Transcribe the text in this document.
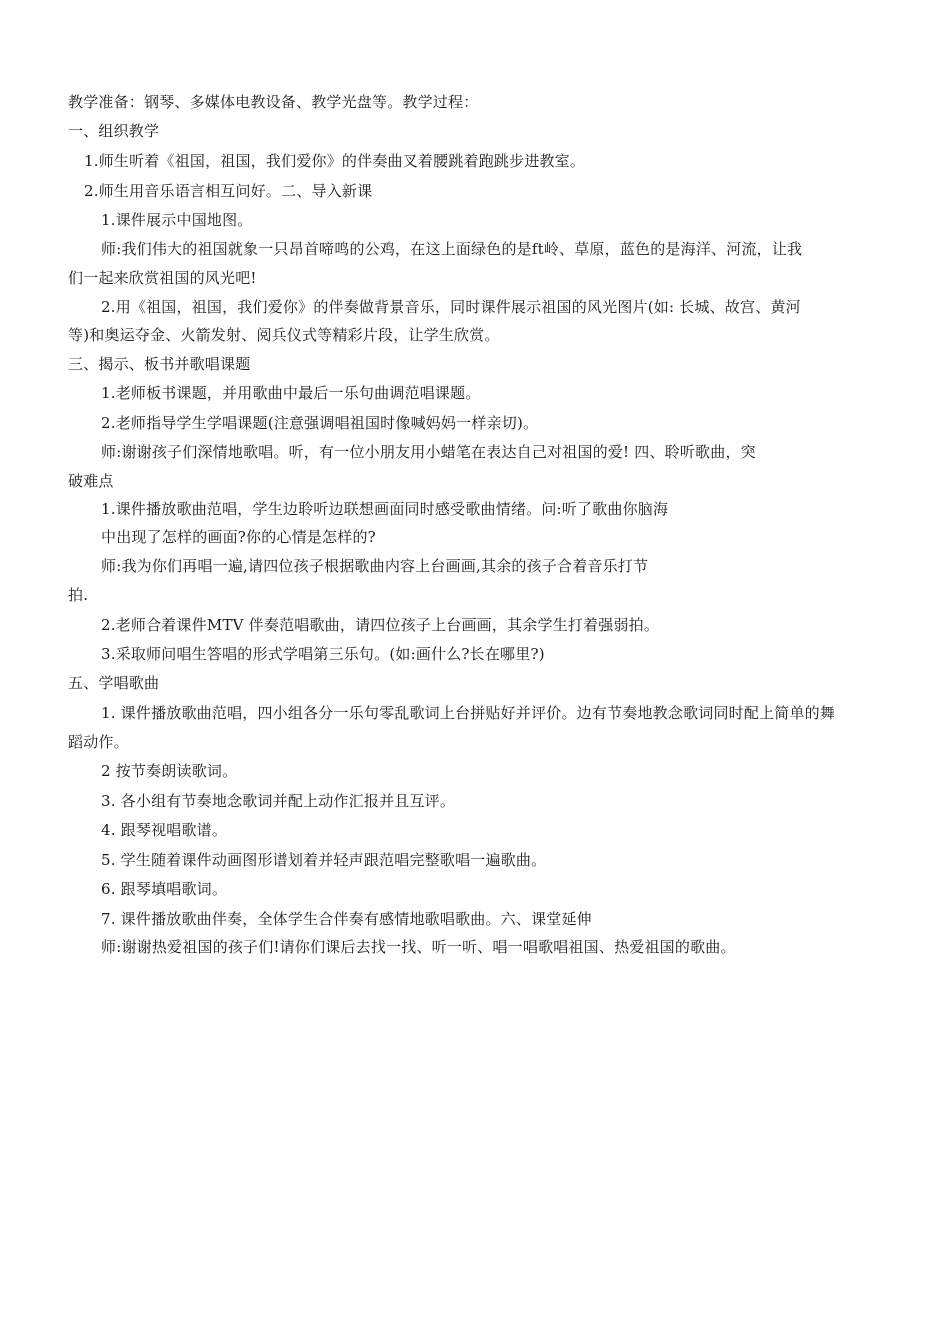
教学准备：钢琴、多媒体电教设备、教学光盘等。教学过程：
一、组织教学
1.师生听着《祖国，祖国，我们爱你》的伴奏曲叉着腰跳着跑跳步进教室。
2.师生用音乐语言相互问好。二、导入新课
1.课件展示中国地图。
师:我们伟大的祖国就象一只昂首啼鸣的公鸡，在这上面绿色的是ft岭、草原，蓝色的是海洋、河流，让我
们一起来欣赏祖国的风光吧!
2.用《祖国，祖国，我们爱你》的伴奏做背景音乐，同时课件展示祖国的风光图片(如: 长城、故宫、黄河
等)和奥运夺金、火箭发射、阅兵仪式等精彩片段，让学生欣赏。
三、揭示、板书并歌唱课题
1.老师板书课题，并用歌曲中最后一乐句曲调范唱课题。
2.老师指导学生学唱课题(注意强调唱祖国时像喊妈妈一样亲切)。
师:谢谢孩子们深情地歌唱。听，有一位小朋友用小蜡笔在表达自己对祖国的爱! 四、聆听歌曲，突
破难点
1.课件播放歌曲范唱，学生边聆听边联想画面同时感受歌曲情绪。问:听了歌曲你脑海
中出现了怎样的画面?你的心情是怎样的?
师:我为你们再唱一遍,请四位孩子根据歌曲内容上台画画,其余的孩子合着音乐打节
拍.
2.老师合着课件MTV 伴奏范唱歌曲，请四位孩子上台画画，其余学生打着强弱拍。
3.采取师问唱生答唱的形式学唱第三乐句。(如:画什么?长在哪里?)
五、学唱歌曲
1. 课件播放歌曲范唱，四小组各分一乐句零乱歌词上台拼贴好并评价。边有节奏地教念歌词同时配上简单的舞
蹈动作。
2 按节奏朗读歌词。
3. 各小组有节奏地念歌词并配上动作汇报并且互评。
4. 跟琴视唱歌谱。
5. 学生随着课件动画图形谱划着并轻声跟范唱完整歌唱一遍歌曲。
6. 跟琴填唱歌词。
7. 课件播放歌曲伴奏，全体学生合伴奏有感情地歌唱歌曲。六、课堂延伸
师:谢谢热爱祖国的孩子们!请你们课后去找一找、听一听、唱一唱歌唱祖国、热爱祖国的歌曲。
